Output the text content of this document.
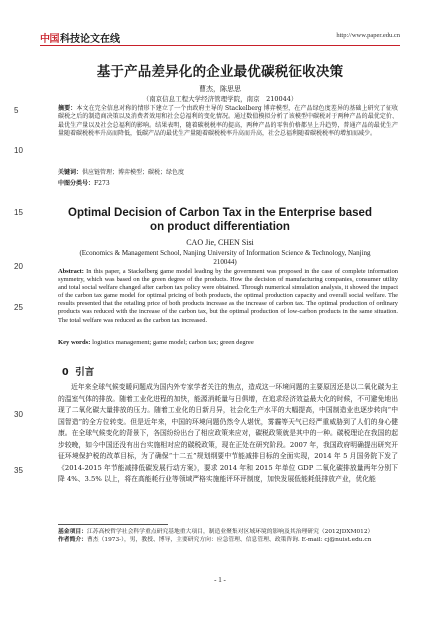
中国 科技论文在线	http://www.paper.edu.cn
5
10
15
20
25
30
35
基于产品差异化的企业最优碳税征收决策
曹杰，陈思思
（南京信息工程大学经济管理学院，南京　210044）
摘要：本文在完全信息对称的情形下建立了一个由政府主导的 Stackelberg 博弈模型，在产品绿色度差异的基础上研究了征收碳税之后的制造商决策以及消费者效用和社会总福利的变化情况。通过数值模拟分析了该模型中碳税对于两种产品的最优定价、最优生产量以及社会总福利的影响。结果表明，随着碳税税率的提高，两种产品的零售价格都呈上升趋势，普通产品的最优生产量随着碳税税率升高而降低，低碳产品的最优生产量随着碳税税率升高而升高，社会总福利随着碳税税率的增加而减少。
关键词：供应链管理；博弈模型；碳税；绿色度
中图分类号：F273
Optimal Decision of Carbon Tax in the Enterprise based on product differentiation
CAO Jie, CHEN Sisi
(Economics & Management School, Nanjing University of Information Science & Technology, Nanjing 210044)
Abstract: In this paper, a Stackelberg game model leading by the government was proposed in the case of complete information symmetry, which was based on the green degree of the products. How the decision of manufacturing companies, consumer utility and total social welfare changed after carbon tax policy were obtained. Through numerical simulation analysis, it showed the impact of the carbon tax game model for optimal pricing of both products, the optimal production capacity and overall social welfare. The results presented that the retailing price of both products increase as the increase of carbon tax. The optimal production of ordinary products was reduced with the increase of the carbon tax, but the optimal production of low-carbon products in the same situation. The total welfare was reduced as the carbon tax increased.
Key words: logistics management; game model; carbon tax; green degree
0 引言
近年来全球气候变暖问题成为国内外专家学者关注的焦点，造成这一环境问题的主要原因还是以二氧化碳为主的温室气体的排放。随着工业化进程的加快，能源消耗量与日俱增，在追求经济效益最大化的时候，不可避免地出现了二氧化碳大量排放的压力。随着工业化的日新月异，社会化生产水平的大幅提高，中国制造业也逐步转向“中国智造”的全方位转变。但是近年来，中国的环境问题仍然令人堪忧，雾霾等天气已经严重威胁到了人们的身心健康。在全球气候变化的背景下，各国纷纷出台了相应政策来应对，碳税政策就是其中的一种。碳税理论在我国的起步较晚，如今中国还没有出台实施相对应的碳税政策，现在正处在研究阶段。2007 年，我国政府明确提出研究开征环境保护税的改革目标，为了确保“十二五”规划纲要中节能减排目标的全面实现，2014 年 5 月国务院下发了《2014-2015 年节能减排低碳发展行动方案》，要求 2014 年和 2015 年单位 GDP 二氧化碳排放量两年分别下降 4%、3.5% 以上，将在高能耗行业等领域严格实施能评环评制度，加快发展低能耗低排放产业，优化能
基金项目：江苏高校哲学社会科学重点研究基地重大项目，制造业聚集对区域环境的影响及其治理研究（2012JDXM012）
作者简介：曹杰（1973-），男，教授、博导，主要研究方向：应急管理、信息管理、政策咨询. E-mail: cj@nuist.edu.cn
- 1 -
